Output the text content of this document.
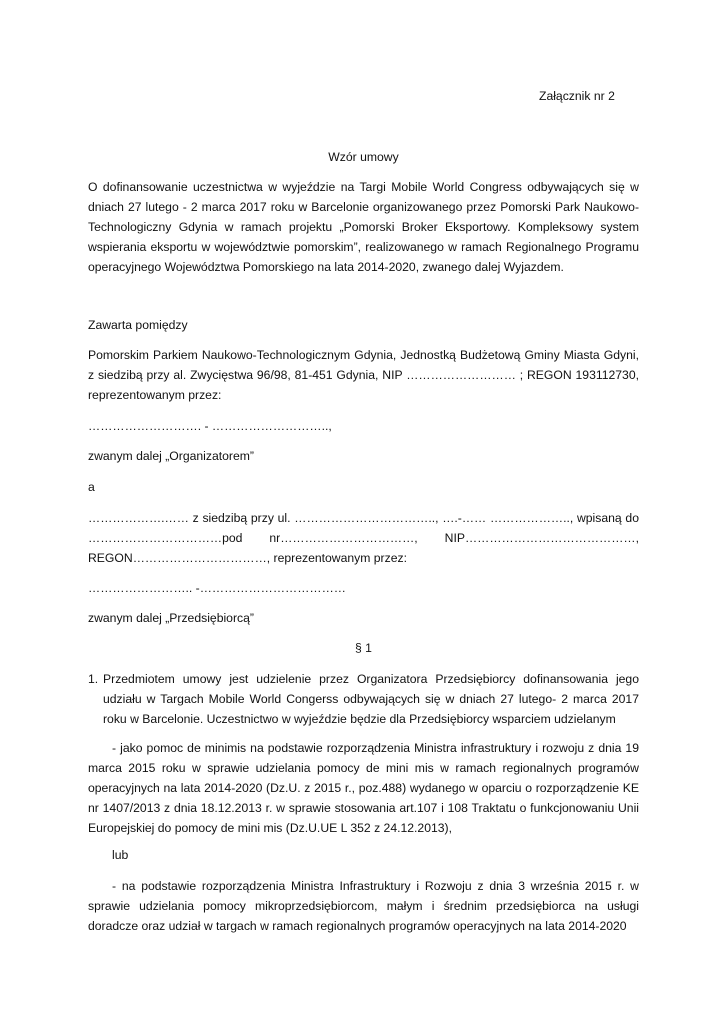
Załącznik nr 2
Wzór umowy

O dofinansowanie uczestnictwa w wyjeździe na Targi Mobile World Congress odbywających się w dniach 27 lutego - 2 marca 2017 roku w Barcelonie organizowanego przez Pomorski Park Naukowo-Technologiczny Gdynia w ramach projektu „Pomorski Broker Eksportowy. Kompleksowy system wspierania eksportu w województwie pomorskim”, realizowanego w ramach Regionalnego Programu operacyjnego Województwa Pomorskiego na lata 2014-2020, zwanego dalej Wyjazdem.

Zawarta pomiędzy

Pomorskim Parkiem Naukowo-Technologicznym Gdynia, Jednostką Budżetową Gminy Miasta Gdyni, z siedzibą przy al. Zwycięstwa 96/98, 81-451 Gdynia, NIP ……………………… ; REGON 193112730, reprezentowanym przez:

………………………. - ………………………..,
zwanym dalej „Organizatorem”
a
……………….…… z siedzibą przy ul. …………………………….., ….-…… ……………….., wpisaną do
……………………………pod nr……………………………, NIP……………………………………,
REGON……………………………, reprezentowanym przez:
…………………….. -………………………………
zwanym dalej „Przedsiębiorcą”
§ 1
1. Przedmiotem umowy jest udzielenie przez Organizatora Przedsiębiorcy dofinansowania jego udziału w Targach Mobile World Congerss odbywających się w dniach 27 lutego- 2 marca 2017 roku w Barcelonie. Uczestnictwo w wyjeździe będzie dla Przedsiębiorcy wsparciem udzielanym

- jako pomoc de minimis na podstawie rozporządzenia Ministra infrastruktury i rozwoju z dnia 19 marca 2015 roku w sprawie udzielania pomocy de mini mis w ramach regionalnych programów operacyjnych na lata 2014-2020 (Dz.U. z 2015 r., poz.488) wydanego w oparciu o rozporządzenie KE nr 1407/2013 z dnia 18.12.2013 r. w sprawie stosowania art.107 i 108 Traktatu o funkcjonowaniu Unii Europejskiej do pomocy de mini mis (Dz.U.UE L 352 z 24.12.2013),

lub

- na podstawie rozporządzenia Ministra Infrastruktury i Rozwoju z dnia 3 września 2015 r. w sprawie udzielania pomocy mikroprzedsiębiorcom, małym i średnim przedsiębiorca na usługi doradcze oraz udział w targach w ramach regionalnych programów operacyjnych na lata 2014-2020
